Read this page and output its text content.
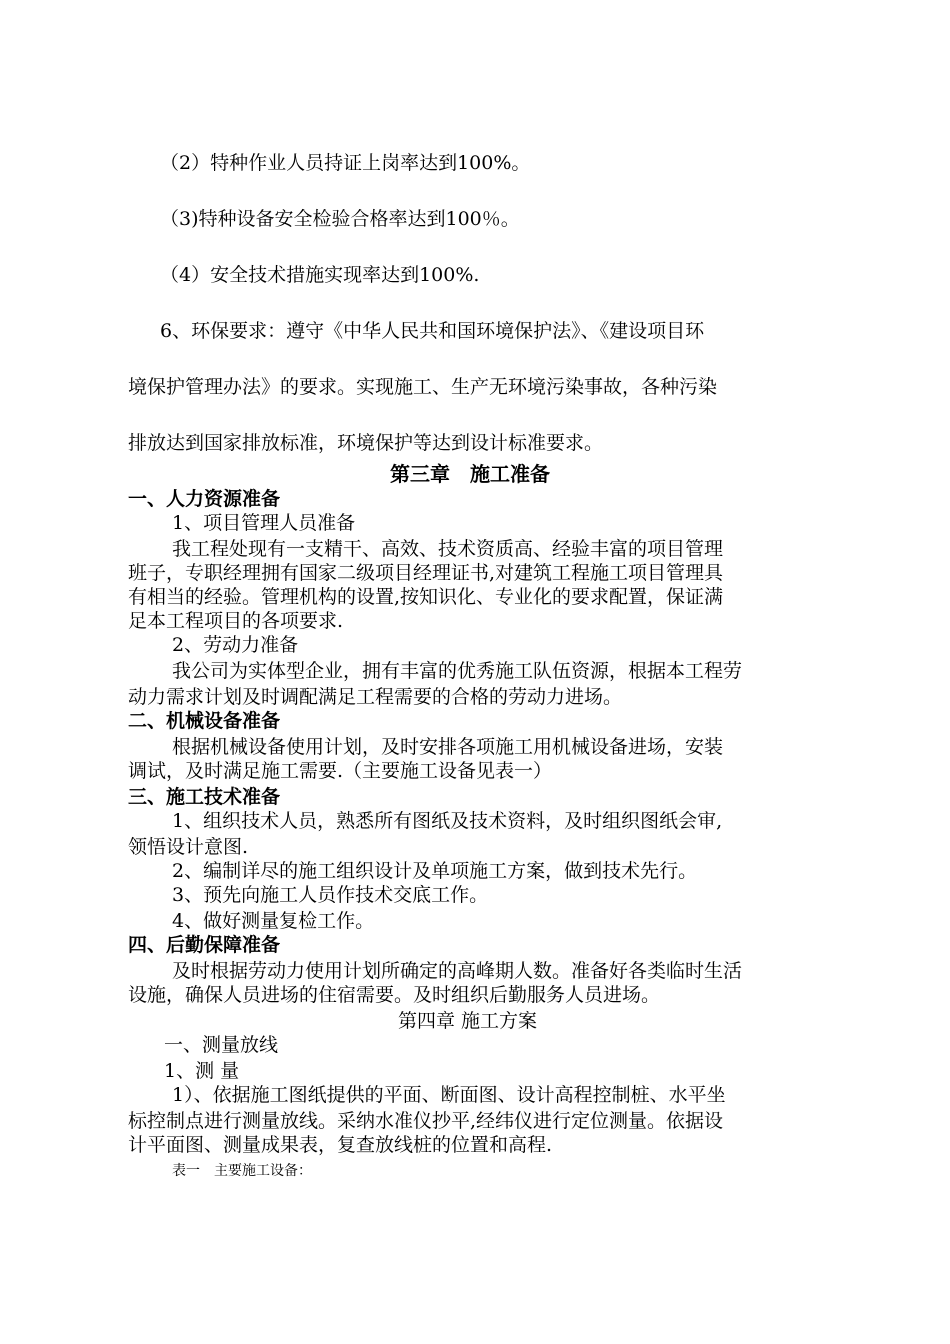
（2）特种作业人员持证上岗率达到100%。
（3)特种设备安全检验合格率达到100％。
（4）安全技术措施实现率达到100%.
6、环保要求：遵守《中华人民共和国环境保护法》、《建设项目环
境保护管理办法》的要求。实现施工、生产无环境污染事故，各种污染
排放达到国家排放标准，环境保护等达到设计标准要求。
第三章　施工准备
一、人力资源准备
1、项目管理人员准备
我工程处现有一支精干、高效、技术资质高、经验丰富的项目管理
班子，专职经理拥有国家二级项目经理证书,对建筑工程施工项目管理具
有相当的经验。管理机构的设置,按知识化、专业化的要求配置，保证满
足本工程项目的各项要求.
2、劳动力准备
我公司为实体型企业，拥有丰富的优秀施工队伍资源，根据本工程劳
动力需求计划及时调配满足工程需要的合格的劳动力进场。
二、机械设备准备
根据机械设备使用计划，及时安排各项施工用机械设备进场，安装
调试，及时满足施工需要.（主要施工设备见表一）
三、施工技术准备
1、组织技术人员，熟悉所有图纸及技术资料，及时组织图纸会审,
领悟设计意图.
2、编制详尽的施工组织设计及单项施工方案，做到技术先行。
3、预先向施工人员作技术交底工作。
4、做好测量复检工作。
四、后勤保障准备
及时根据劳动力使用计划所确定的高峰期人数。准备好各类临时生活
设施，确保人员进场的住宿需要。及时组织后勤服务人员进场。
第四章 施工方案
一、测量放线
1、测 量
1）、依据施工图纸提供的平面、断面图、设计高程控制桩、水平坐
标控制点进行测量放线。采纳水准仪抄平,经纬仪进行定位测量。依据设
计平面图、测量成果表，复查放线桩的位置和高程.
表一　主要施工设备：
